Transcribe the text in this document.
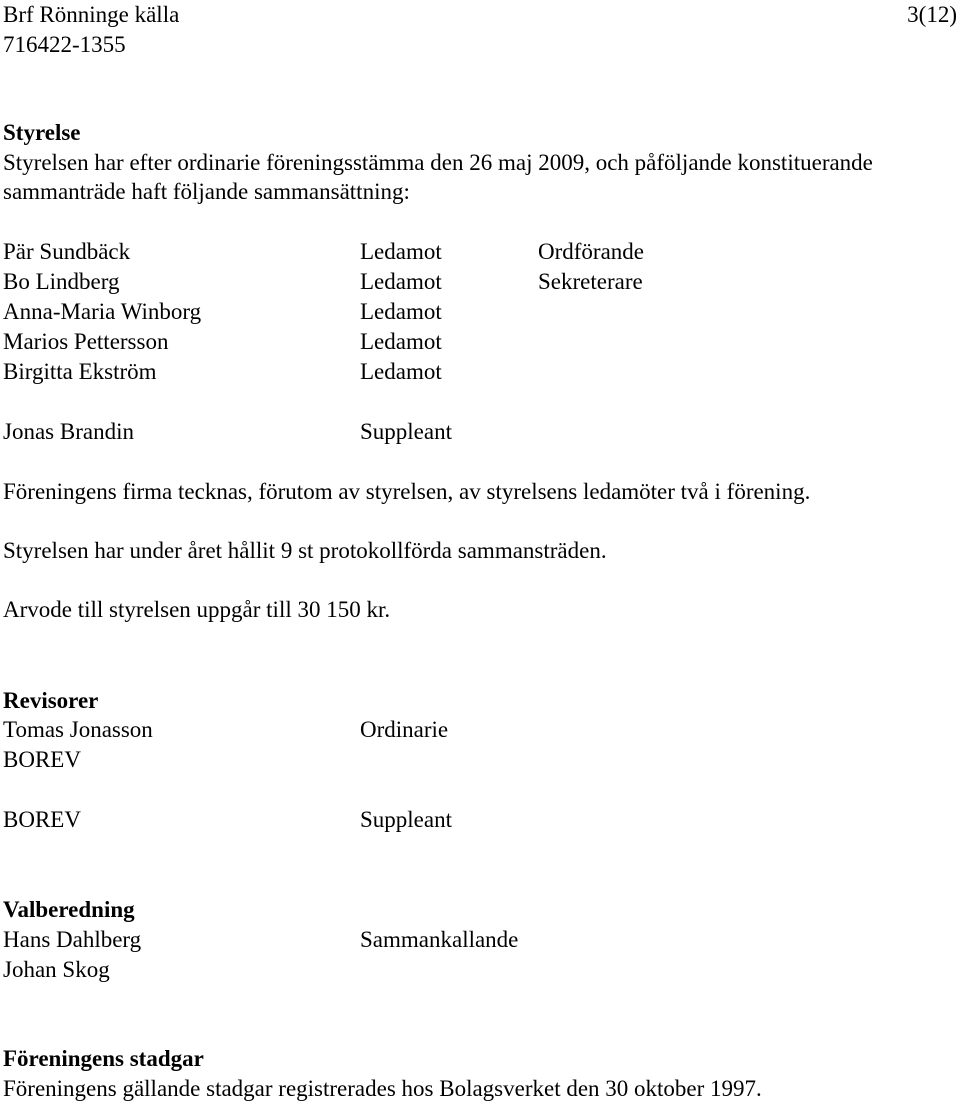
Brf Rönninge källa	3(12)
716422-1355
Styrelse
Styrelsen har efter ordinarie föreningsstämma den 26 maj 2009, och påföljande konstituerande
sammanträde haft följande sammansättning:
Pär Sundbäck	Ledamot	Ordförande
Bo Lindberg	Ledamot	Sekreterare
Anna-Maria Winborg	Ledamot
Marios Pettersson	Ledamot
Birgitta Ekström	Ledamot
Jonas Brandin	Suppleant
Föreningens firma tecknas, förutom av styrelsen, av styrelsens ledamöter två i förening.
Styrelsen har under året hållit 9 st protokollförda sammansträden.
Arvode till styrelsen uppgår till 30 150 kr.
Revisorer
Tomas Jonasson	Ordinarie
BOREV
BOREV	Suppleant
Valberedning
Hans Dahlberg	Sammankallande
Johan Skog
Föreningens stadgar
Föreningens gällande stadgar registrerades hos Bolagsverket den 30 oktober 1997.
